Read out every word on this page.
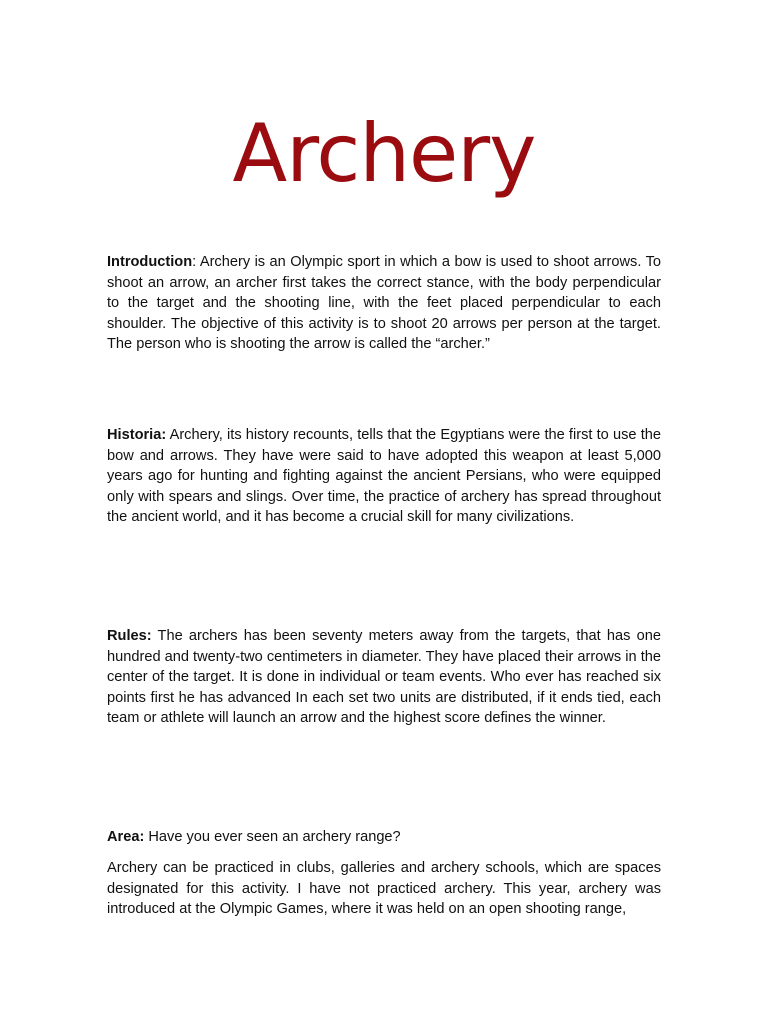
Archery

Introduction: Archery is an Olympic sport in which a bow is used to shoot arrows. To shoot an arrow, an archer first takes the correct stance, with the body perpendicular to the target and the shooting line, with the feet placed perpendicular to each shoulder. The objective of this activity is to shoot 20 arrows per person at the target. The person who is shooting the arrow is called the “archer.”

Historia: Archery, its history recounts, tells that the Egyptians were the first to use the bow and arrows. They have were said to have adopted this weapon at least 5,000 years ago for hunting and fighting against the ancient Persians, who were equipped only with spears and slings. Over time, the practice of archery has spread throughout the ancient world, and it has become a crucial skill for many civilizations.

Rules: The archers has been seventy meters away from the targets, that has one hundred and twenty-two centimeters in diameter. They have placed their arrows in the center of the target. It is done in individual or team events. Who ever has reached six points first he has advanced In each set two units are distributed, if it ends tied, each team or athlete will launch an arrow and the highest score defines the winner.

Area: Have you ever seen an archery range?

Archery can be practiced in clubs, galleries and archery schools, which are spaces designated for this activity. I have not practiced archery. This year, archery was introduced at the Olympic Games, where it was held on an open shooting range,
